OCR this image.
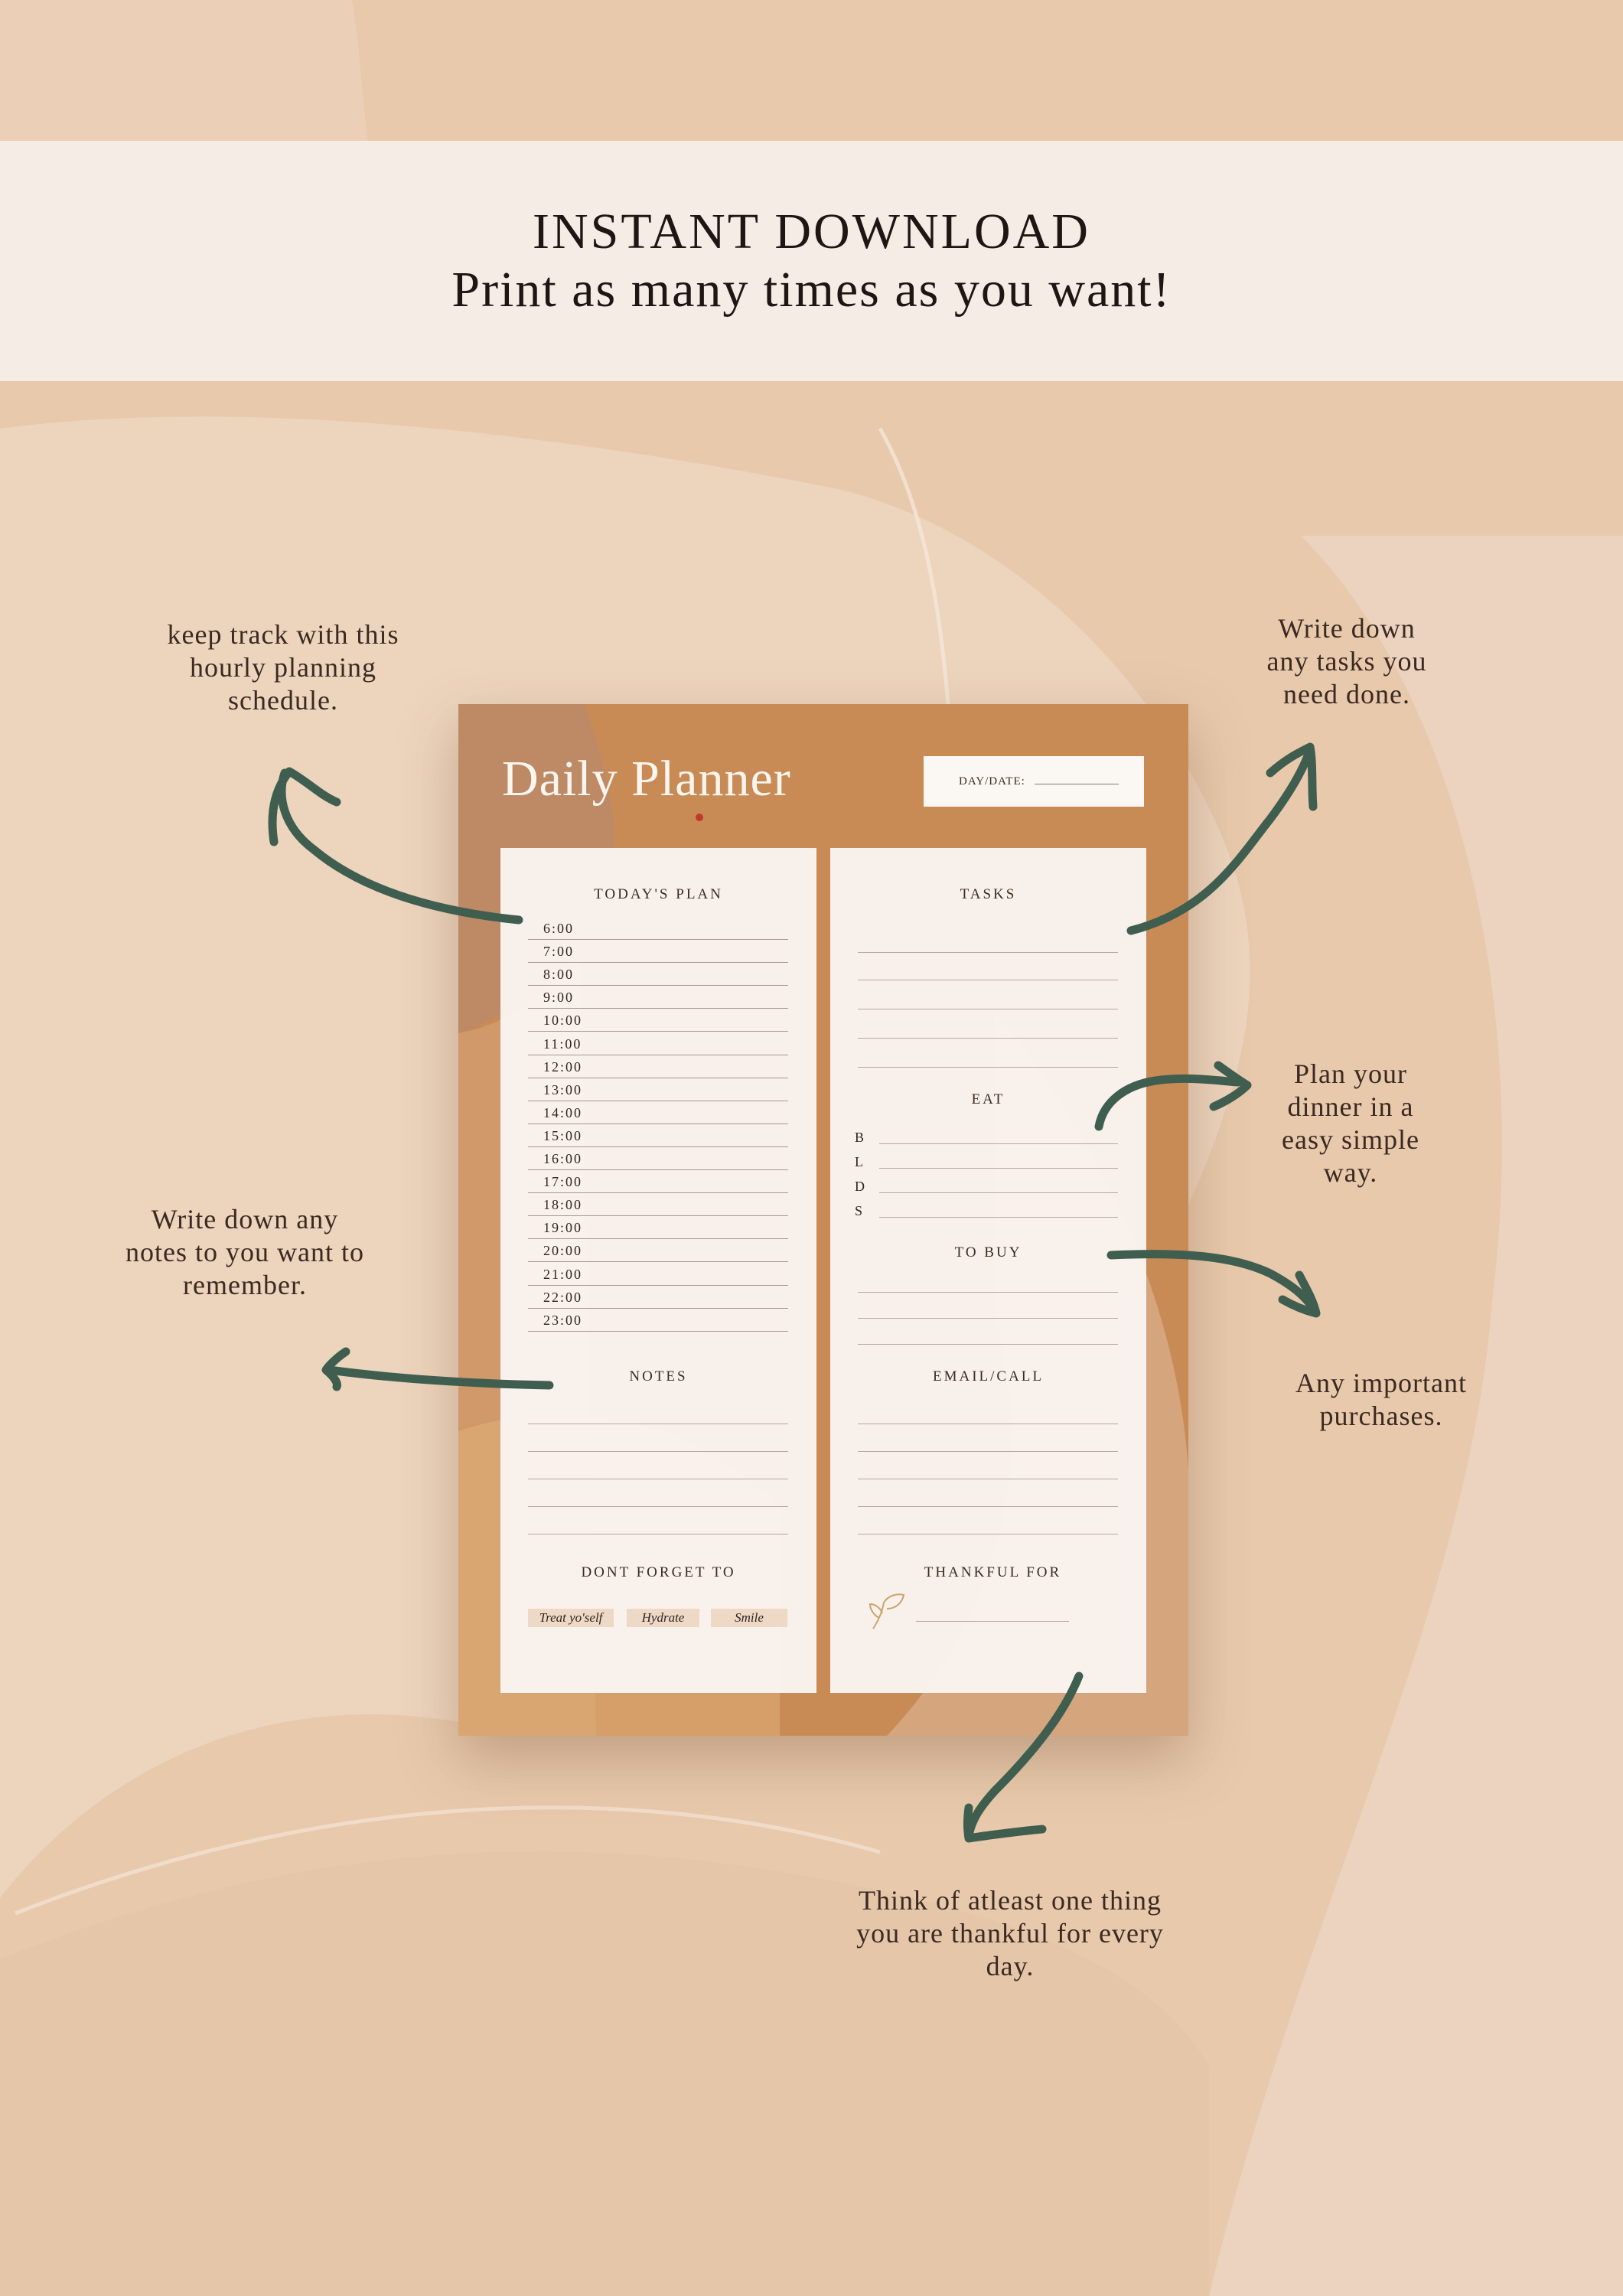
INSTANT DOWNLOAD
Print as many times as you want!
keep track with this
hourly planning
schedule.
Write down
any tasks you
need done.
Plan your
dinner in a
easy simple
way.
Write down any
notes to you want to
remember.
Any important
purchases.
Think of atleast one thing
you are thankful for every
day.
Daily Planner	DAY/DATE:
TODAY'S PLAN
6:00
7:00
8:00
9:00
10:00
11:00
12:00
13:00
14:00
15:00
16:00
17:00
18:00
19:00
20:00
21:00
22:00
23:00
NOTES
DONT FORGET TO
Treat yo'self	Hydrate	Smile
TASKS
EAT
B
L
D
S
TO BUY
EMAIL/CALL
THANKFUL FOR
